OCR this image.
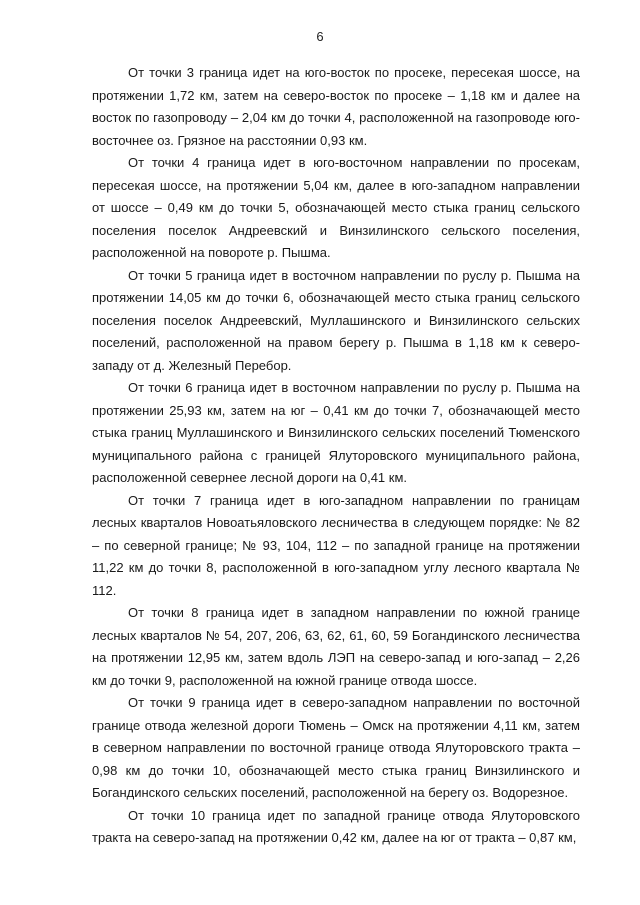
6

От точки 3 граница идет на юго-восток по просеке, пересекая шоссе, на протяжении 1,72 км, затем на северо-восток по просеке – 1,18 км и далее на восток по газопроводу – 2,04 км до точки 4, расположенной на газопроводе юго-восточнее оз. Грязное на расстоянии 0,93 км.

От точки 4 граница идет в юго-восточном направлении по просекам, пересекая шоссе, на протяжении 5,04 км, далее в юго-западном направлении от шоссе – 0,49 км до точки 5, обозначающей место стыка границ сельского поселения поселок Андреевский и Винзилинского сельского поселения, расположенной на повороте р. Пышма.

От точки 5 граница идет в восточном направлении по руслу р. Пышма на протяжении 14,05 км до точки 6, обозначающей место стыка границ сельского поселения поселок Андреевский, Муллашинского и Винзилинского сельских поселений, расположенной на правом берегу р. Пышма в 1,18 км к северо-западу от д. Железный Перебор.

От точки 6 граница идет в восточном направлении по руслу р. Пышма на протяжении 25,93 км, затем на юг – 0,41 км до точки 7, обозначающей место стыка границ Муллашинского и Винзилинского сельских поселений Тюменского муниципального района с границей Ялуторовского муниципального района, расположенной севернее лесной дороги на 0,41 км.

От точки 7 граница идет в юго-западном направлении по границам лесных кварталов Новоатьяловского лесничества в следующем порядке: № 82 – по северной границе; № 93, 104, 112 – по западной границе на протяжении 11,22 км до точки 8, расположенной в юго-западном углу лесного квартала № 112.

От точки 8 граница идет в западном направлении по южной границе лесных кварталов № 54, 207, 206, 63, 62, 61, 60, 59 Богандинского лесничества на протяжении 12,95 км, затем вдоль ЛЭП на северо-запад и юго-запад – 2,26 км до точки 9, расположенной на южной границе отвода шоссе.

От точки 9 граница идет в северо-западном направлении по восточной границе отвода железной дороги Тюмень – Омск на протяжении 4,11 км, затем в северном направлении по восточной границе отвода Ялуторовского тракта – 0,98 км до точки 10, обозначающей место стыка границ Винзилинского и Богандинского сельских поселений, расположенной на берегу оз. Водорезное.

От точки 10 граница идет по западной границе отвода Ялуторовского тракта на северо-запад на протяжении 0,42 км, далее на юг от тракта – 0,87 км,
